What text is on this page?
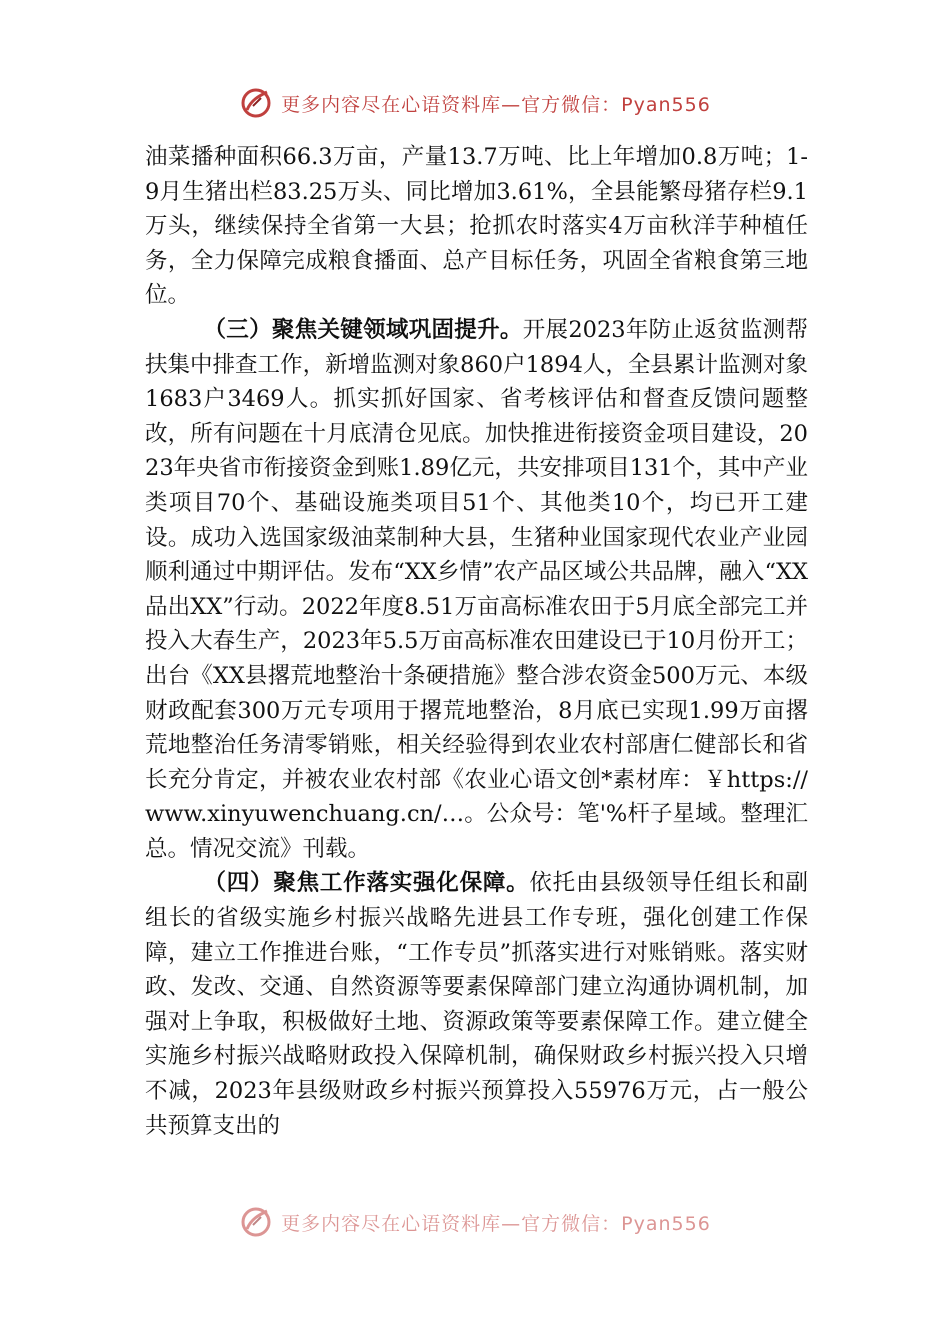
更多内容尽在心语资料库—官方微信：Pyan556

油菜播种面积66.3万亩，产量13.7万吨、比上年增加0.8万吨；1-9月生猪出栏83.25万头、同比增加3.61%，全县能繁母猪存栏9.1万头，继续保持全省第一大县；抢抓农时落实4万亩秋洋芋种植任务，全力保障完成粮食播面、总产目标任务，巩固全省粮食第三地位。

（三）聚焦关键领域巩固提升。开展2023年防止返贫监测帮扶集中排查工作，新增监测对象860户1894人，全县累计监测对象1683户3469人。抓实抓好国家、省考核评估和督查反馈问题整改，所有问题在十月底清仓见底。加快推进衔接资金项目建设，2023年央省市衔接资金到账1.89亿元，共安排项目131个，其中产业类项目70个、基础设施类项目51个、其他类10个，均已开工建设。成功入选国家级油菜制种大县，生猪种业国家现代农业产业园顺利通过中期评估。发布“XX乡情”农产品区域公共品牌，融入“XX品出XX”行动。2022年度8.51万亩高标准农田于5月底全部完工并投入大春生产，2023年5.5万亩高标准农田建设已于10月份开工；出台《XX县撂荒地整治十条硬措施》整合涉农资金500万元、本级财政配套300万元专项用于撂荒地整治，8月底已实现1.99万亩撂荒地整治任务清零销账，相关经验得到农业农村部唐仁健部长和省长充分肯定，并被农业农村部《农业心语文创*素材库：￥https://www.xinyuwenchuang.cn/…。公众号：笔'%杆子星域。整理汇总。情况交流》刊载。

（四）聚焦工作落实强化保障。依托由县级领导任组长和副组长的省级实施乡村振兴战略先进县工作专班，强化创建工作保障，建立工作推进台账，“工作专员”抓落实进行对账销账。落实财政、发改、交通、自然资源等要素保障部门建立沟通协调机制，加强对上争取，积极做好土地、资源政策等要素保障工作。建立健全实施乡村振兴战略财政投入保障机制，确保财政乡村振兴投入只增不减，2023年县级财政乡村振兴预算投入55976万元，占一般公共预算支出的

更多内容尽在心语资料库—官方微信：Pyan556
